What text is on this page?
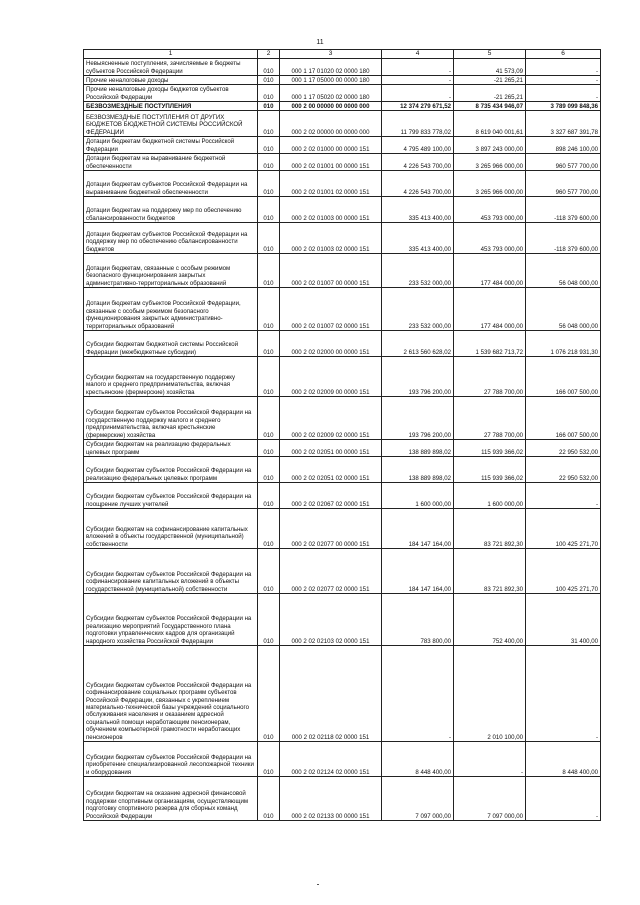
11
1	2	3	4	5	6
Невыясненные поступления, зачисляемые в бюджеты субъектов Российской Федерации	010	000 1 17 01020 02 0000 180	-	41 573,09	-
Прочие неналоговые доходы	010	000 1 17 05000 00 0000 180	-	-21 265,21	-
Прочие неналоговые доходы бюджетов субъектов Российской Федерации	010	000 1 17 05020 02 0000 180	-	-21 265,21	-
БЕЗВОЗМЕЗДНЫЕ ПОСТУПЛЕНИЯ	010	000 2 00 00000 00 0000 000	12 374 279 671,52	8 735 434 946,07	3 789 099 848,36
БЕЗВОЗМЕЗДНЫЕ ПОСТУПЛЕНИЯ ОТ ДРУГИХ БЮДЖЕТОВ БЮДЖЕТНОЙ СИСТЕМЫ РОССИЙСКОЙ ФЕДЕРАЦИИ	010	000 2 02 00000 00 0000 000	11 799 833 778,02	8 619 040 001,61	3 327 687 391,78
Дотации бюджетам бюджетной системы Российской Федерации	010	000 2 02 01000 00 0000 151	4 795 489 100,00	3 897 243 000,00	898 246 100,00
Дотации бюджетам на выравнивание бюджетной обеспеченности	010	000 2 02 01001 00 0000 151	4 226 543 700,00	3 265 966 000,00	960 577 700,00
Дотации бюджетам субъектов Российской Федерации на выравнивание бюджетной обеспеченности	010	000 2 02 01001 02 0000 151	4 226 543 700,00	3 265 966 000,00	960 577 700,00
Дотации бюджетам на поддержку мер по обеспечению сбалансированности бюджетов	010	000 2 02 01003 00 0000 151	335 413 400,00	453 793 000,00	-118 379 600,00
Дотации бюджетам субъектов Российской Федерации на поддержку мер по обеспечению сбалансированности бюджетов	010	000 2 02 01003 02 0000 151	335 413 400,00	453 793 000,00	-118 379 600,00
Дотации бюджетам, связанные с особым режимом безопасного функционирования закрытых административно-территориальных образований	010	000 2 02 01007 00 0000 151	233 532 000,00	177 484 000,00	56 048 000,00
Дотации бюджетам субъектов Российской Федерации, связанные с особым режимом безопасного функционирования закрытых административно-территориальных образований	010	000 2 02 01007 02 0000 151	233 532 000,00	177 484 000,00	56 048 000,00
Субсидии бюджетам бюджетной системы Российской Федерации (межбюджетные субсидии)	010	000 2 02 02000 00 0000 151	2 613 560 628,02	1 539 682 713,72	1 076 218 931,30
Субсидии бюджетам на государственную поддержку малого и среднего предпринимательства, включая крестьянские (фермерские) хозяйства	010	000 2 02 02009 00 0000 151	193 796 200,00	27 788 700,00	166 007 500,00
Субсидии бюджетам субъектов Российской Федерации на государственную поддержку малого и среднего предпринимательства, включая крестьянские (фермерские) хозяйства	010	000 2 02 02009 02 0000 151	193 796 200,00	27 788 700,00	166 007 500,00
Субсидии бюджетам на реализацию федеральных целевых программ	010	000 2 02 02051 00 0000 151	138 889 898,02	115 939 366,02	22 950 532,00
Субсидии бюджетам субъектов Российской Федерации на реализацию федеральных целевых программ	010	000 2 02 02051 02 0000 151	138 889 898,02	115 939 366,02	22 950 532,00
Субсидии бюджетам субъектов Российской Федерации на поощрение лучших учителей	010	000 2 02 02067 02 0000 151	1 600 000,00	1 600 000,00	-
Субсидии бюджетам на софинансирование капитальных вложений в объекты государственной (муниципальной) собственности	010	000 2 02 02077 00 0000 151	184 147 164,00	83 721 892,30	100 425 271,70
Субсидии бюджетам субъектов Российской Федерации на софинансирование капитальных вложений в объекты государственной (муниципальной) собственности	010	000 2 02 02077 02 0000 151	184 147 164,00	83 721 892,30	100 425 271,70
Субсидии бюджетам субъектов Российской Федерации на реализацию мероприятий Государственного плана подготовки управленческих кадров для организаций народного хозяйства Российской Федерации	010	000 2 02 02103 02 0000 151	783 800,00	752 400,00	31 400,00
Субсидии бюджетам субъектов Российской Федерации на софинансирование социальных программ субъектов Российской Федерации, связанных с укреплением материально-технической базы учреждений социального обслуживания населения и оказанием адресной социальной помощи неработающим пенсионерам, обучением компьютерной грамотности неработающих пенсионеров	010	000 2 02 02118 02 0000 151	-	2 010 100,00	-
Субсидии бюджетам субъектов Российской Федерации на приобретение специализированной лесопожарной техники и оборудования	010	000 2 02 02124 02 0000 151	8 448 400,00	-	8 448 400,00
Субсидии бюджетам на оказание адресной финансовой поддержки спортивным организациям, осуществляющим подготовку спортивного резерва для сборных команд Российской Федерации	010	000 2 02 02133 00 0000 151	7 097 000,00	7 097 000,00	-
